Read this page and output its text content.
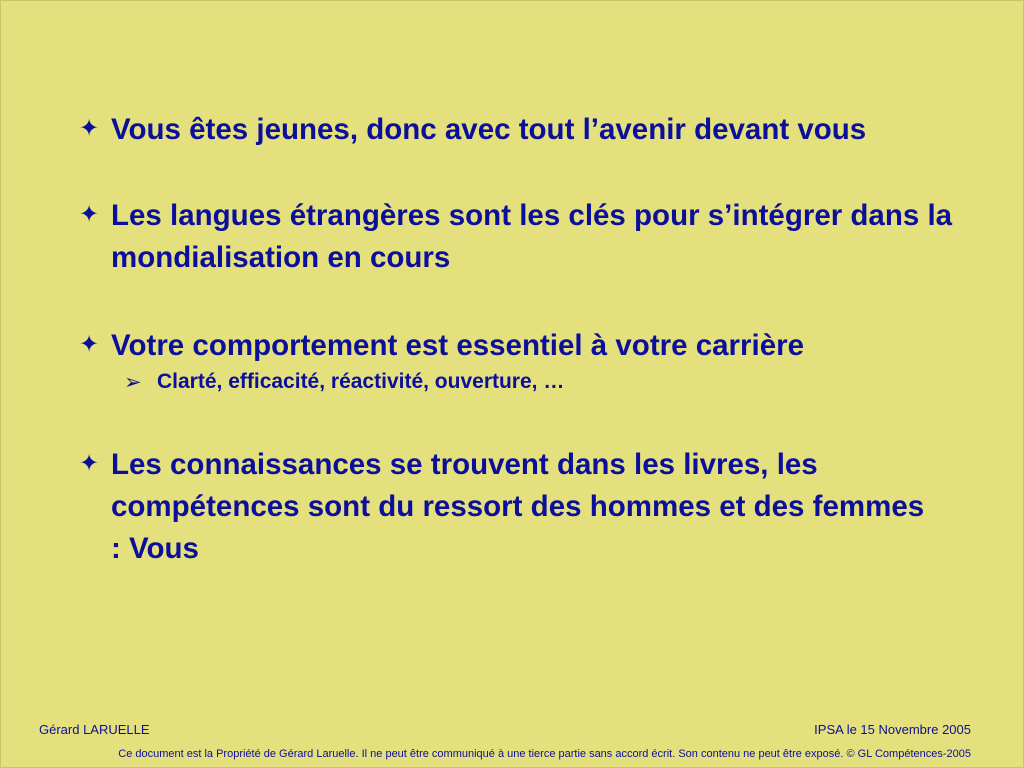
✦ Vous êtes jeunes, donc avec tout l’avenir devant vous
✦ Les langues étrangères sont les clés pour s’intégrer dans la mondialisation en cours
✦ Votre comportement est essentiel à votre carrière
➢ Clarté, efficacité, réactivité, ouverture, …
✦ Les connaissances se trouvent dans les livres, les compétences sont du ressort des hommes et des femmes : Vous
Gérard LARUELLE	IPSA le 15 Novembre 2005
Ce document est la Propriété de Gérard Laruelle. Il ne peut être communiqué à une tierce partie sans accord écrit. Son contenu ne peut être exposé. © GL Compétences-2005
